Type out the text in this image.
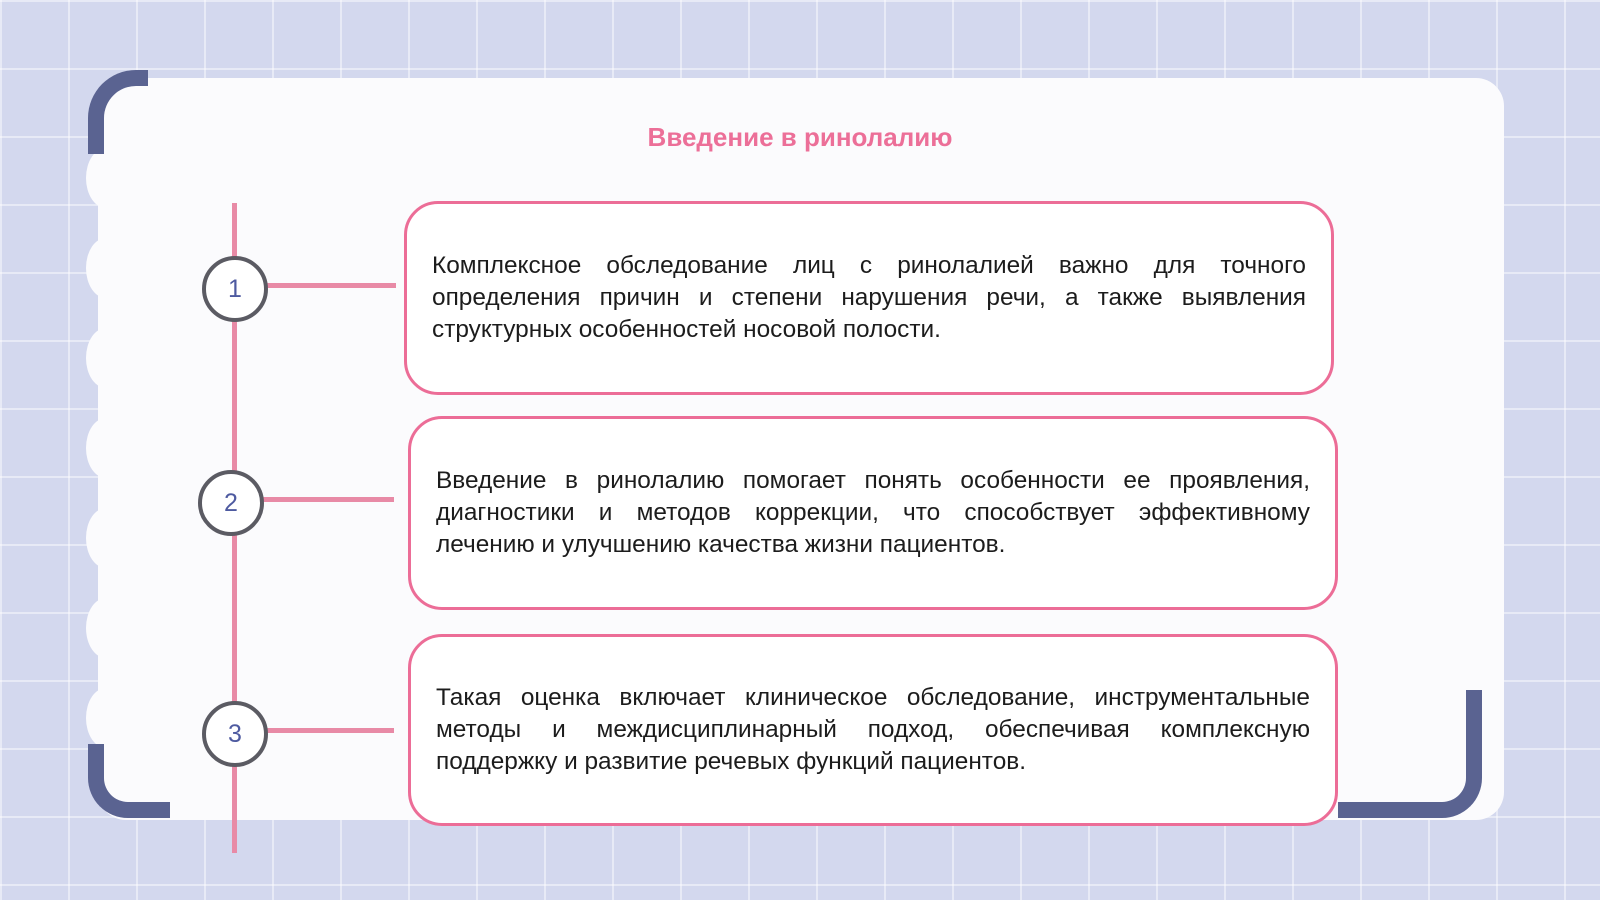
Введение в ринолалию
1

Комплексное обследование лиц с ринолалией важно для точного определения причин и степени нарушения речи, а также выявления структурных особенностей носовой полости.

2

Введение в ринолалию помогает понять особенности ее проявления, диагностики и методов коррекции, что способствует эффективному лечению и улучшению качества жизни пациентов.

3

Такая оценка включает клиническое обследование, инструментальные методы и междисциплинарный подход, обеспечивая комплексную поддержку и развитие речевых функций пациентов.
